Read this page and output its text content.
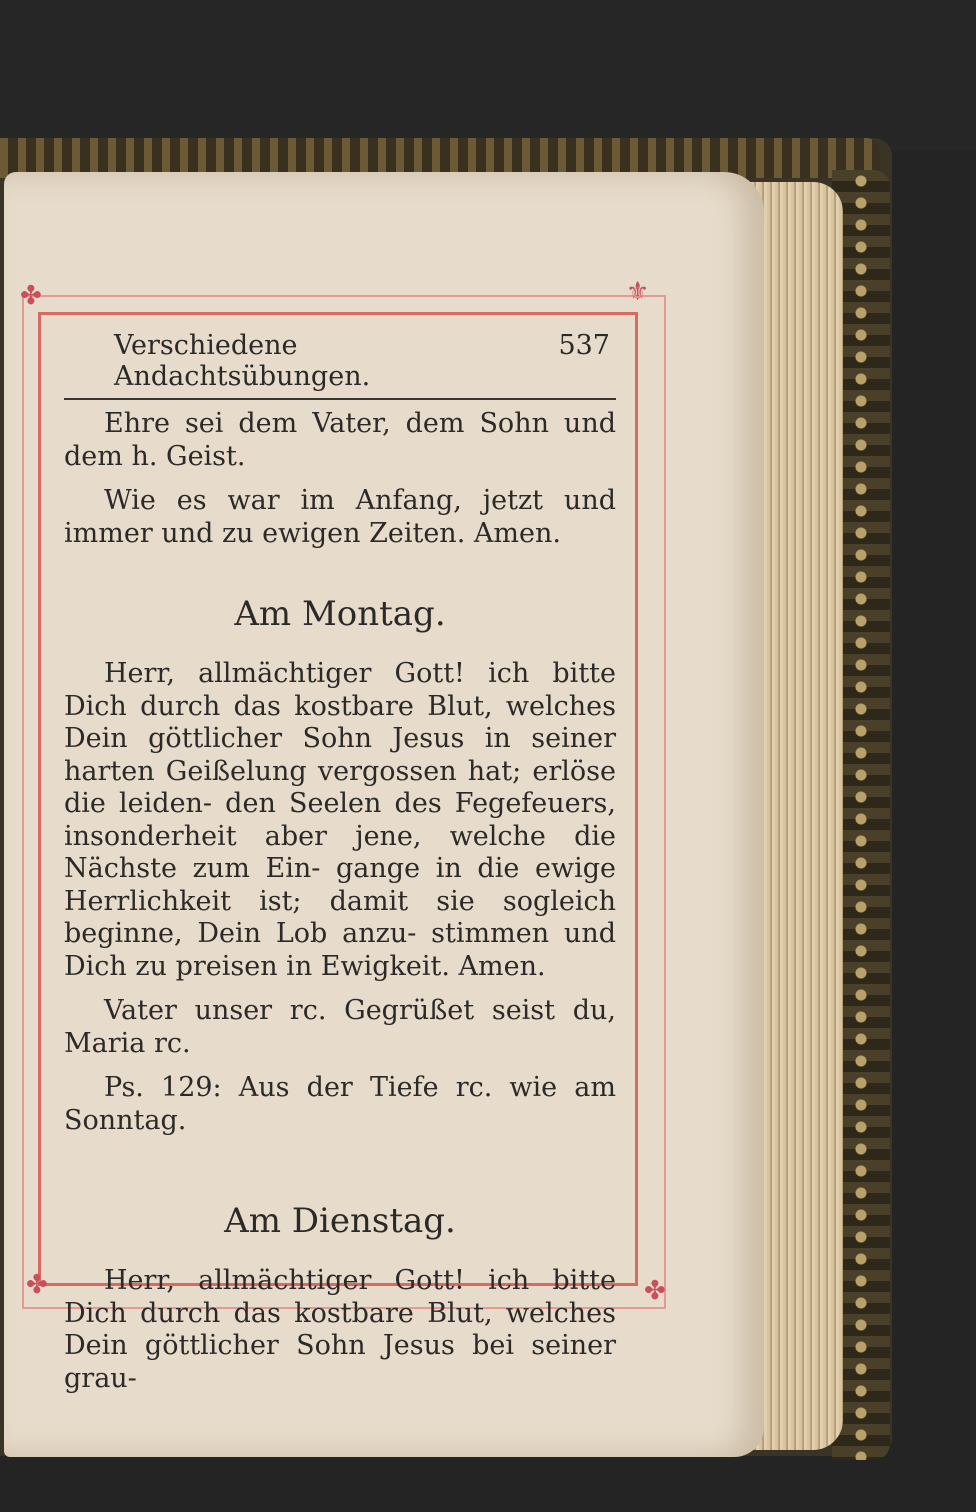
✤	⚜
✤	✤
Verschiedene Andachtsübungen.
537

Ehre sei dem Vater, dem Sohn und dem h. Geist.

Wie es war im Anfang, jetzt und immer und zu ewigen Zeiten. Amen.

Am Montag.

Herr, allmächtiger Gott! ich bitte Dich durch das kostbare Blut, welches Dein göttlicher Sohn Jesus in seiner harten Geißelung vergossen hat; erlöse die leiden- den Seelen des Fegefeuers, insonderheit aber jene, welche die Nächste zum Ein- gange in die ewige Herrlichkeit ist; damit sie sogleich beginne, Dein Lob anzu- stimmen und Dich zu preisen in Ewigkeit. Amen.

Vater unser rc. Gegrüßet seist du, Maria rc.

Ps. 129: Aus der Tiefe rc. wie am Sonntag.

Am Dienstag.

Herr, allmächtiger Gott! ich bitte Dich durch das kostbare Blut, welches Dein göttlicher Sohn Jesus bei seiner grau-
